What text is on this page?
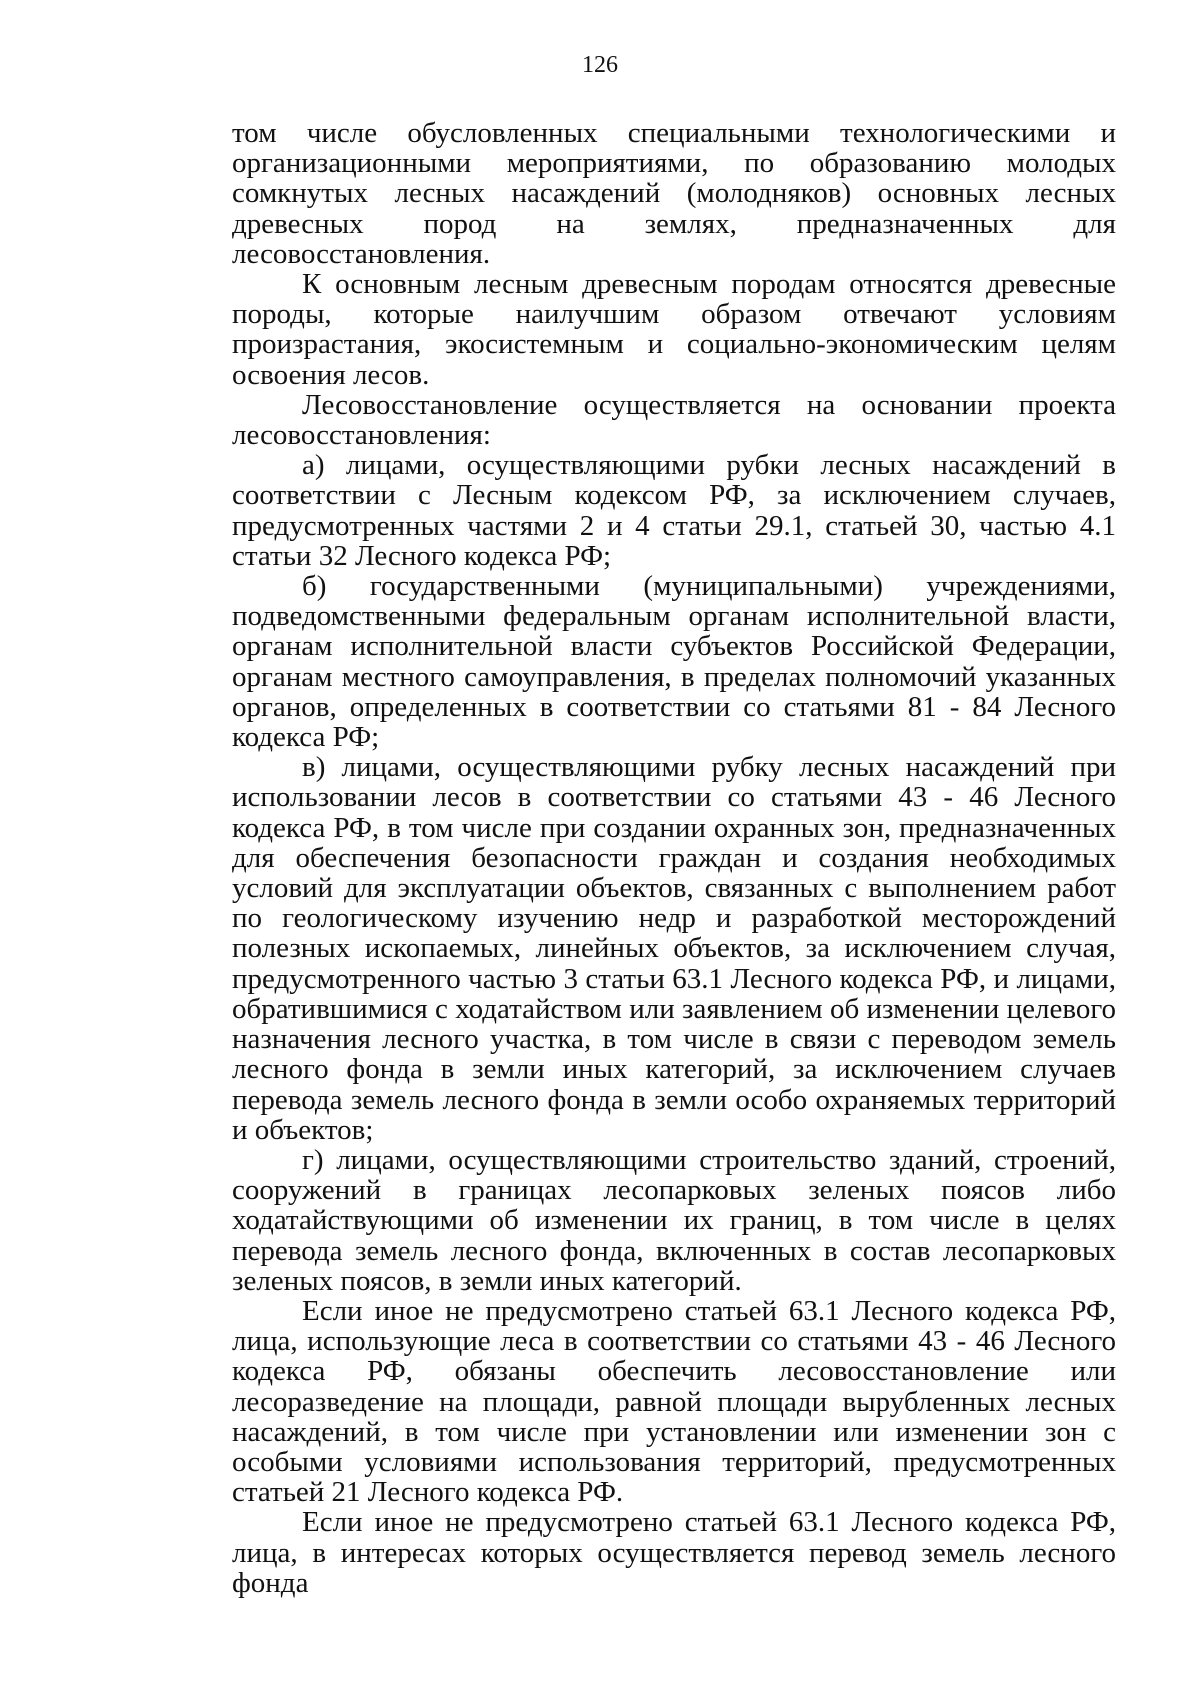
126

том числе обусловленных специальными технологическими и организационными мероприятиями, по образованию молодых сомкнутых лесных насаждений (молодняков) основных лесных древесных пород на землях, предназначенных для лесовосстановления.

К основным лесным древесным породам относятся древесные породы, которые наилучшим образом отвечают условиям произрастания, экосистемным и социально-экономическим целям освоения лесов.

Лесовосстановление осуществляется на основании проекта лесовосстановления:

а) лицами, осуществляющими рубки лесных насаждений в соответствии с Лесным кодексом РФ, за исключением случаев, предусмотренных частями 2 и 4 статьи 29.1, статьей 30, частью 4.1 статьи 32 Лесного кодекса РФ;

б) государственными (муниципальными) учреждениями, подведомственными федеральным органам исполнительной власти, органам исполнительной власти субъектов Российской Федерации, органам местного самоуправления, в пределах полномочий указанных органов, определенных в соответствии со статьями 81 - 84 Лесного кодекса РФ;

в) лицами, осуществляющими рубку лесных насаждений при использовании лесов в соответствии со статьями 43 - 46 Лесного кодекса РФ, в том числе при создании охранных зон, предназначенных для обеспечения безопасности граждан и создания необходимых условий для эксплуатации объектов, связанных с выполнением работ по геологическому изучению недр и разработкой месторождений полезных ископаемых, линейных объектов, за исключением случая, предусмотренного частью 3 статьи 63.1 Лесного кодекса РФ, и лицами, обратившимися с ходатайством или заявлением об изменении целевого назначения лесного участка, в том числе в связи с переводом земель лесного фонда в земли иных категорий, за исключением случаев перевода земель лесного фонда в земли особо охраняемых территорий и объектов;

г) лицами, осуществляющими строительство зданий, строений, сооружений в границах лесопарковых зеленых поясов либо ходатайствующими об изменении их границ, в том числе в целях перевода земель лесного фонда, включенных в состав лесопарковых зеленых поясов, в земли иных категорий.

Если иное не предусмотрено статьей 63.1 Лесного кодекса РФ, лица, использующие леса в соответствии со статьями 43 - 46 Лесного кодекса РФ, обязаны обеспечить лесовосстановление или лесоразведение на площади, равной площади вырубленных лесных насаждений, в том числе при установлении или изменении зон с особыми условиями использования территорий, предусмотренных статьей 21 Лесного кодекса РФ.

Если иное не предусмотрено статьей 63.1 Лесного кодекса РФ, лица, в интересах которых осуществляется перевод земель лесного фонда
